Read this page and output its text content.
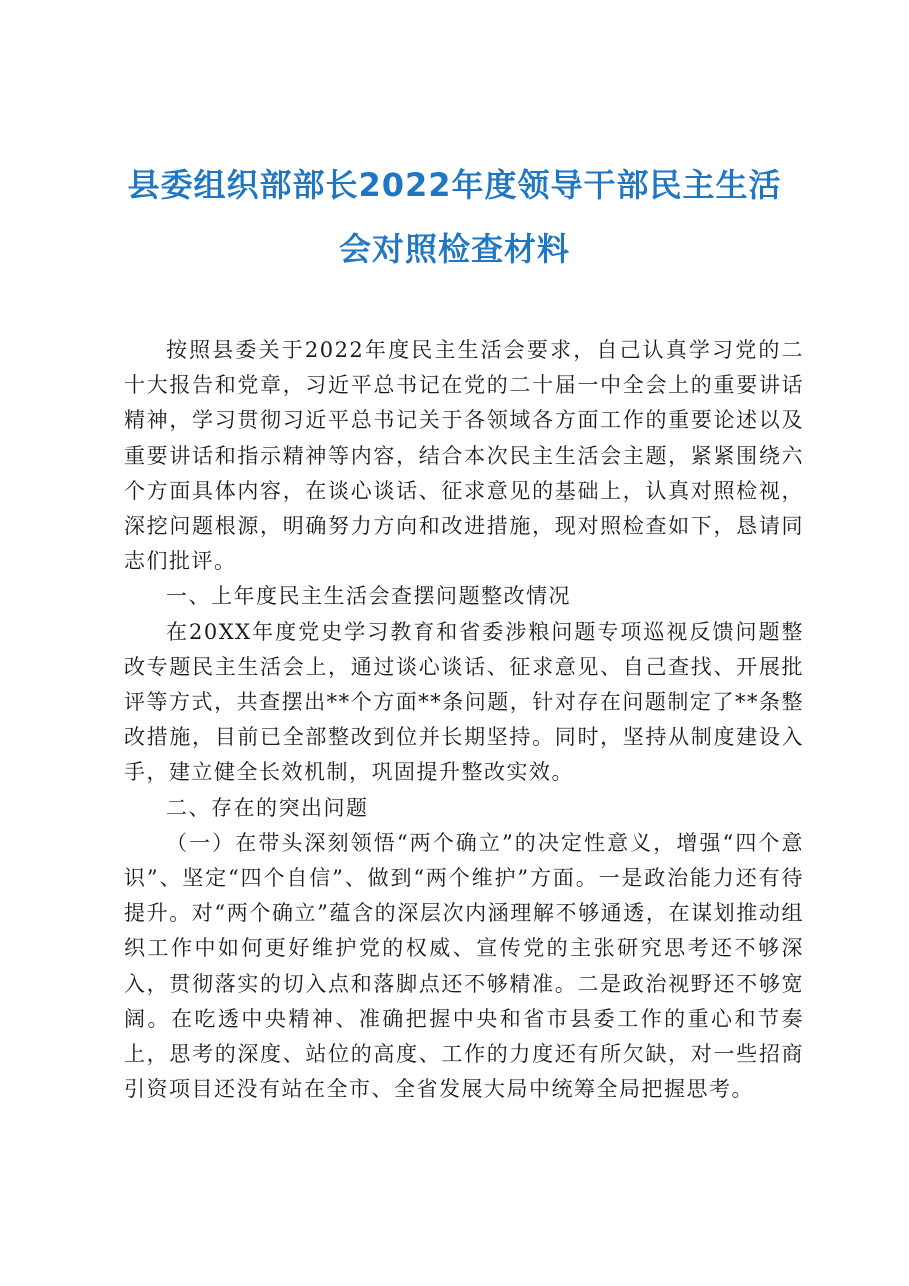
县委组织部部长2022年度领导干部民主生活
会对照检查材料

按照县委关于2022年度民主生活会要求，自己认真学习党的二十大报告和党章，习近平总书记在党的二十届一中全会上的重要讲话精神，学习贯彻习近平总书记关于各领域各方面工作的重要论述以及重要讲话和指示精神等内容，结合本次民主生活会主题，紧紧围绕六个方面具体内容，在谈心谈话、征求意见的基础上，认真对照检视，深挖问题根源，明确努力方向和改进措施，现对照检查如下，恳请同志们批评。

一、上年度民主生活会查摆问题整改情况

在20XX年度党史学习教育和省委涉粮问题专项巡视反馈问题整改专题民主生活会上，通过谈心谈话、征求意见、自己查找、开展批评等方式，共查摆出**个方面**条问题，针对存在问题制定了**条整改措施，目前已全部整改到位并长期坚持。同时，坚持从制度建设入手，建立健全长效机制，巩固提升整改实效。

二、存在的突出问题

（一）在带头深刻领悟“两个确立”的决定性意义，增强“四个意识”、坚定“四个自信”、做到“两个维护”方面。一是政治能力还有待提升。对“两个确立”蕴含的深层次内涵理解不够通透，在谋划推动组织工作中如何更好维护党的权威、宣传党的主张研究思考还不够深入，贯彻落实的切入点和落脚点还不够精准。二是政治视野还不够宽阔。在吃透中央精神、准确把握中央和省市县委工作的重心和节奏上，思考的深度、站位的高度、工作的力度还有所欠缺，对一些招商引资项目还没有站在全市、全省发展大局中统筹全局把握思考。
